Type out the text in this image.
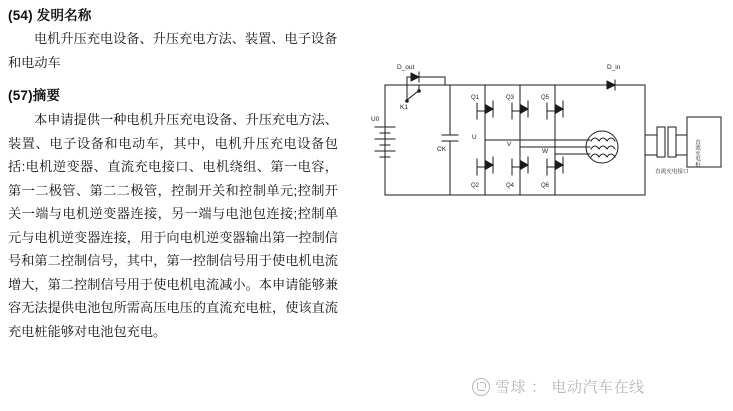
(54) 发明名称

电机升压充电设备、升压充电方法、装置、电子设备和电动车

(57)摘要

本申请提供一种电机升压充电设备、升压充电方法、装置、电子设备和电动车，其中，电机升压充电设备包括:电机逆变器、直流充电接口、电机绕组、第一电容，第一二极管、第二二极管，控制开关和控制单元;控制开关一端与电机逆变器连接，另一端与电池包连接;控制单元与电机逆变器连接，用于向电机逆变器输出第一控制信号和第二控制信号，其中，第一控制信号用于使电机电流增大，第二控制信号用于使电机电流减小。本申请能够兼容无法提供电池包所需高压电压的直流充电桩，使该直流充电桩能够对电池包充电。

D_out
K1
D_in
U0
CK
U
V
W
Q1
Q2
Q3
Q4
Q5
Q6
直流充电接口
直流充电桩
雪球 ： 电动汽车在线
